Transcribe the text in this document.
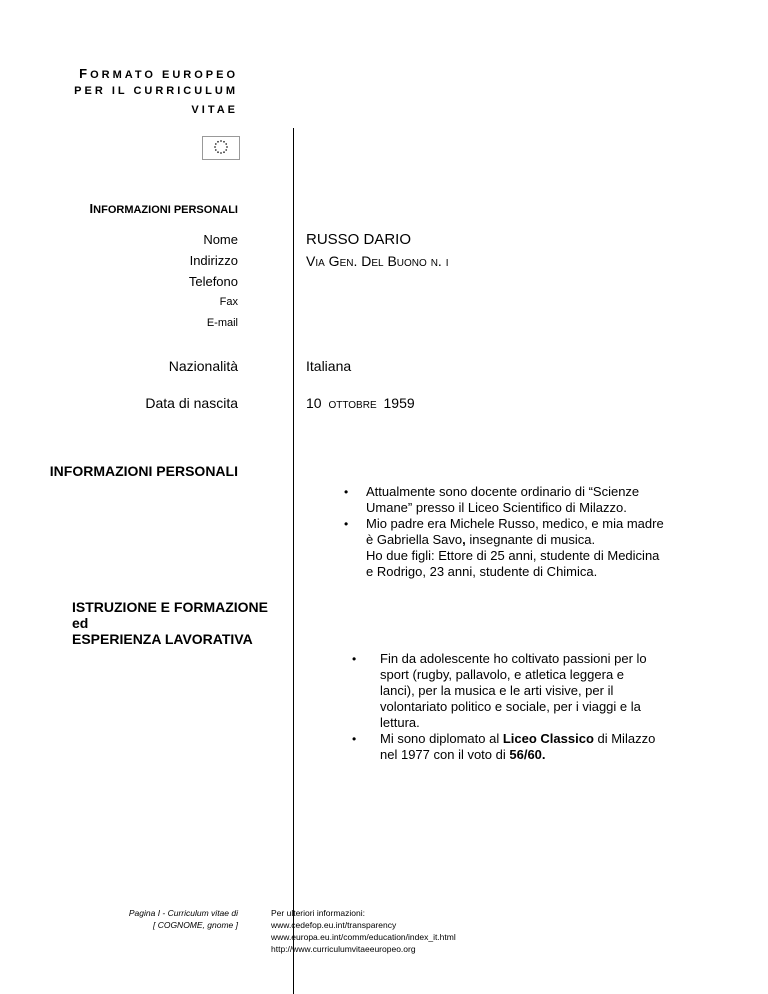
FORMATO EUROPEO
PER IL CURRICULUM
VITAE
INFORMAZIONI PERSONALI
Nome
Indirizzo
Telefono
Fax
E-mail
Nazionalità
Data di nascita
RUSSO DARIO
Via Gen. Del Buono n. i
Italiana
10 OTTOBRE 1959
INFORMAZIONI PERSONALI
• Attualmente sono docente ordinario di “Scienze Umane” presso il Liceo Scientifico di Milazzo.
• Mio padre era Michele Russo, medico, e mia madre è Gabriella Savo, insegnante di musica.
Ho due figli: Ettore di 25 anni, studente di Medicina e Rodrigo, 23 anni, studente di Chimica.
ISTRUZIONE E FORMAZIONE
ed
ESPERIENZA LAVORATIVA
• Fin da adolescente ho coltivato passioni per lo sport (rugby, pallavolo, e atletica leggera e lanci), per la musica e le arti visive, per il volontariato politico e sociale, per i viaggi e la lettura.
• Mi sono diplomato al Liceo Classico di Milazzo nel 1977 con il voto di 56/60.
Pagina I - Curriculum vitae di
[ COGNOME, gnome ]
Per ulteriori informazioni:
www.cedefop.eu.int/transparency
www.europa.eu.int/comm/education/index_it.html
http://www.curriculumvitaeeuropeo.org
